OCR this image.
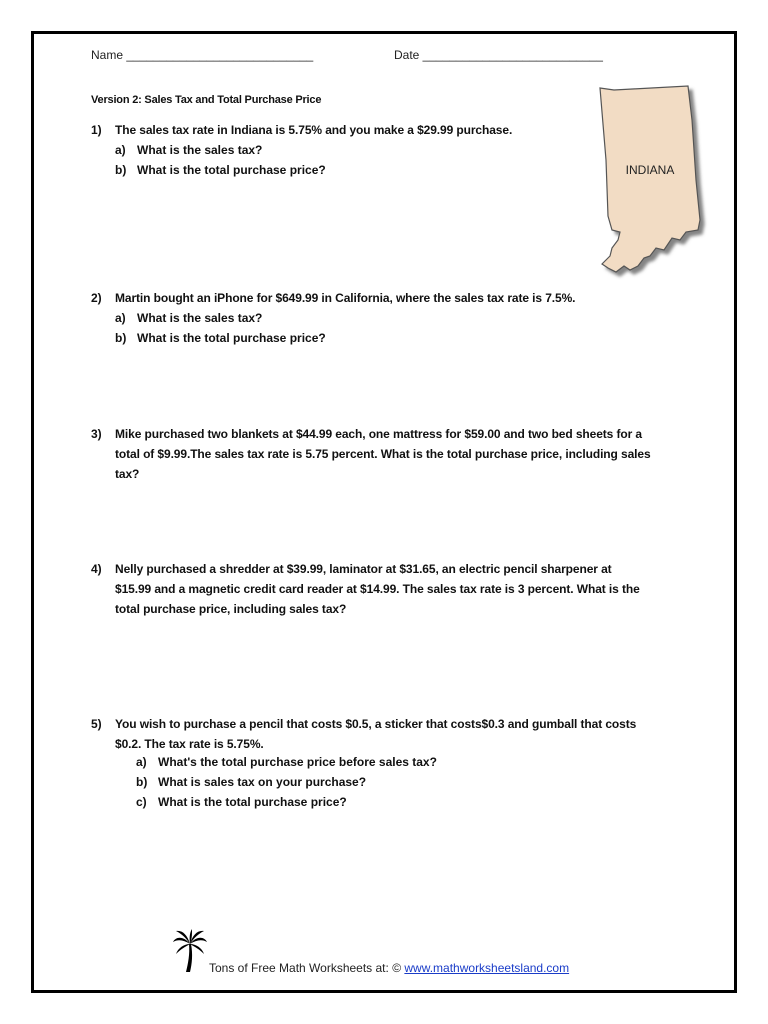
Name ____________________________	Date ___________________________
Version 2: Sales Tax and Total Purchase Price
INDIANA
1)	The sales tax rate in Indiana is 5.75% and you make a $29.99 purchase.
a) What is the sales tax?
b) What is the total purchase price?
2)	Martin bought an iPhone for $649.99 in California, where the sales tax rate is 7.5%.
a) What is the sales tax?
b) What is the total purchase price?
3)	Mike purchased two blankets at $44.99 each, one mattress for $59.00 and two bed sheets for a
total of $9.99.The sales tax rate is 5.75 percent. What is the total purchase price, including sales
tax?
4)	Nelly purchased a shredder at $39.99, laminator at $31.65, an electric pencil sharpener at
$15.99 and a magnetic credit card reader at $14.99. The sales tax rate is 3 percent. What is the
total purchase price, including sales tax?
5)	You wish to purchase a pencil that costs $0.5, a sticker that costs$0.3 and gumball that costs
$0.2. The tax rate is 5.75%.
a) What's the total purchase price before sales tax?
b) What is sales tax on your purchase?
c) What is the total purchase price?
Tons of Free Math Worksheets at: © www.mathworksheetsland.com
